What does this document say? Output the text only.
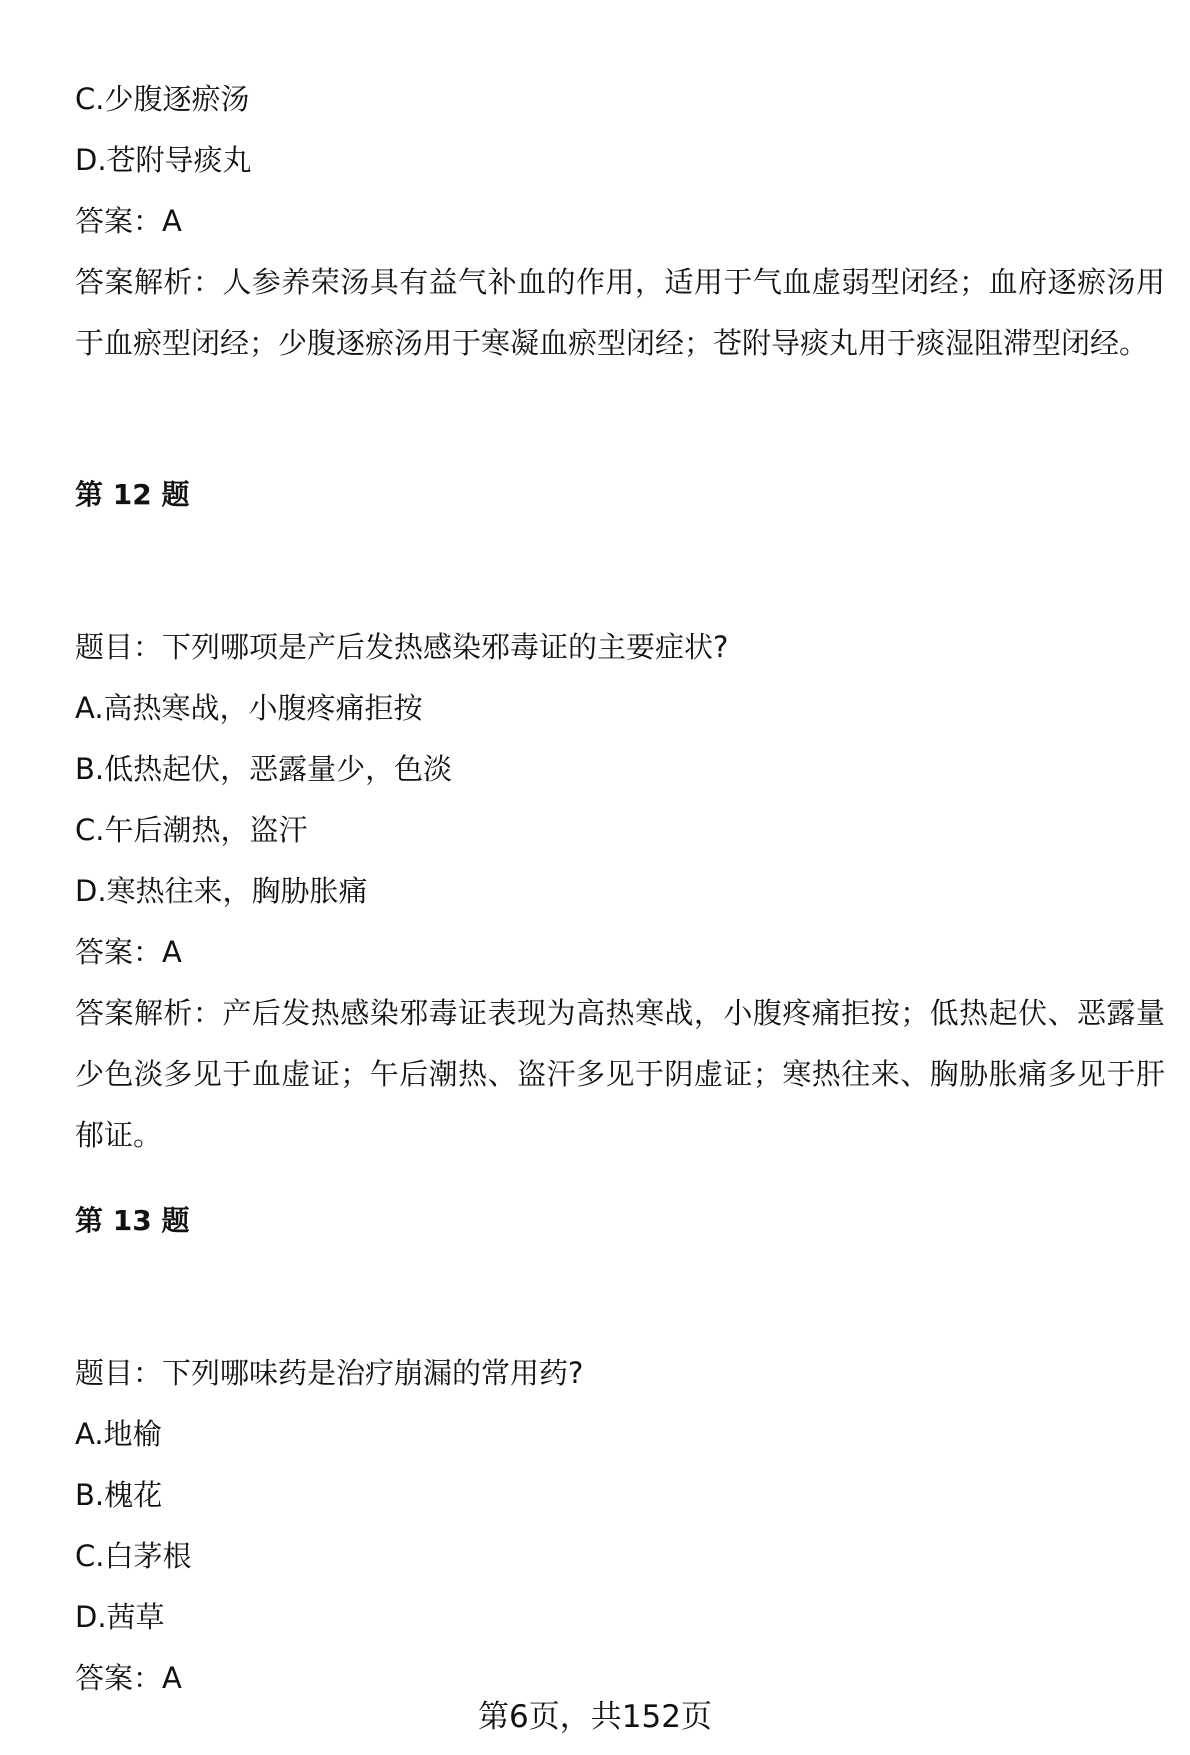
C.少腹逐瘀汤

D.苍附导痰丸

答案：A

答案解析：人参养荣汤具有益气补血的作用，适用于气血虚弱型闭经；血府逐瘀汤用于血瘀型闭经；少腹逐瘀汤用于寒凝血瘀型闭经；苍附导痰丸用于痰湿阻滞型闭经。

第 12 题

题目：下列哪项是产后发热感染邪毒证的主要症状?

A.高热寒战，小腹疼痛拒按

B.低热起伏，恶露量少，色淡

C.午后潮热，盗汗

D.寒热往来，胸胁胀痛

答案：A

答案解析：产后发热感染邪毒证表现为高热寒战，小腹疼痛拒按；低热起伏、恶露量少色淡多见于血虚证；午后潮热、盗汗多见于阴虚证；寒热往来、胸胁胀痛多见于肝郁证。

第 13 题

题目：下列哪味药是治疗崩漏的常用药?

A.地榆

B.槐花

C.白茅根

D.茜草

答案：A

第6页，共152页
